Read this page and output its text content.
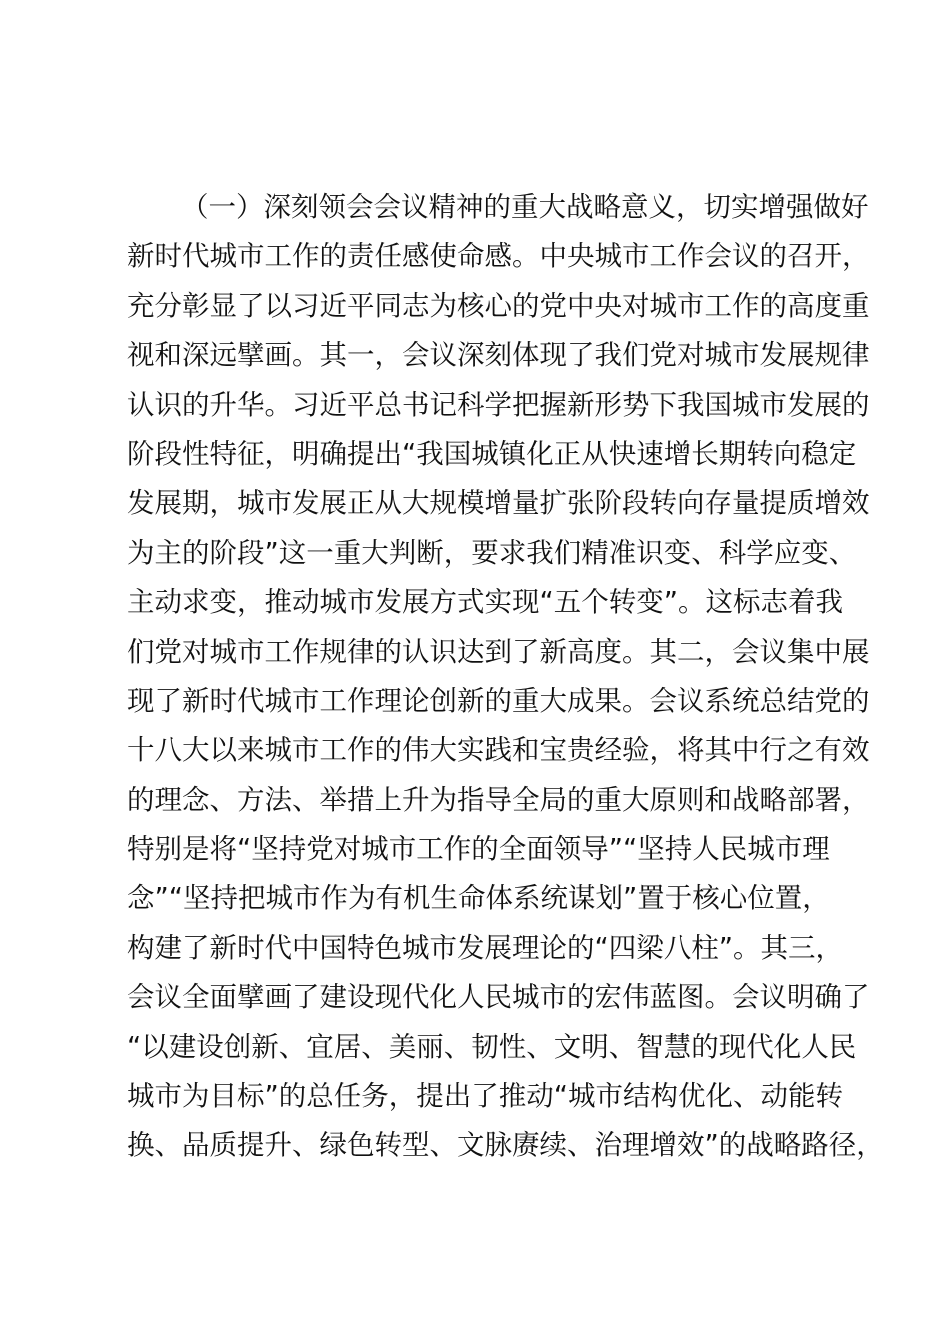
（一）深刻领会会议精神的重大战略意义，切实增强做好
新时代城市工作的责任感使命感。中央城市工作会议的召开，
充分彰显了以习近平同志为核心的党中央对城市工作的高度重
视和深远擘画。其一，会议深刻体现了我们党对城市发展规律
认识的升华。习近平总书记科学把握新形势下我国城市发展的
阶段性特征，明确提出“我国城镇化正从快速增长期转向稳定
发展期，城市发展正从大规模增量扩张阶段转向存量提质增效
为主的阶段”这一重大判断，要求我们精准识变、科学应变、
主动求变，推动城市发展方式实现“五个转变”。这标志着我
们党对城市工作规律的认识达到了新高度。其二，会议集中展
现了新时代城市工作理论创新的重大成果。会议系统总结党的
十八大以来城市工作的伟大实践和宝贵经验，将其中行之有效
的理念、方法、举措上升为指导全局的重大原则和战略部署，
特别是将“坚持党对城市工作的全面领导”“坚持人民城市理
念”“坚持把城市作为有机生命体系统谋划”置于核心位置，
构建了新时代中国特色城市发展理论的“四梁八柱”。其三，
会议全面擘画了建设现代化人民城市的宏伟蓝图。会议明确了
“以建设创新、宜居、美丽、韧性、文明、智慧的现代化人民
城市为目标”的总任务，提出了推动“城市结构优化、动能转
换、品质提升、绿色转型、文脉赓续、治理增效”的战略路径，
